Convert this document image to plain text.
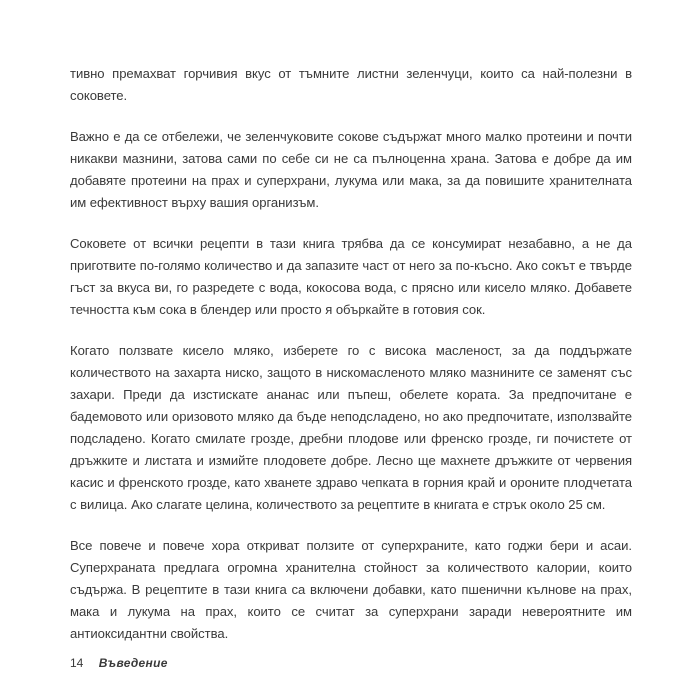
тивно премахват горчивия вкус от тъмните листни зеленчуци, които са най-полезни в соковете.

Важно е да се отбележи, че зеленчуковите сокове съдържат много малко протеини и почти никакви мазнини, затова сами по себе си не са пълноценна храна. Затова е добре да им добавяте протеини на прах и суперхрани, лукума или мака, за да повишите хранителната им ефективност върху вашия организъм.

Соковете от всички рецепти в тази книга трябва да се консумират незабавно, а не да приготвите по-голямо количество и да запазите част от него за по-късно. Ако сокът е твърде гъст за вкуса ви, го разредете с вода, кокосова вода, с прясно или кисело мляко. Добавете течността към сока в блендер или просто я объркайте в готовия сок.

Когато ползвате кисело мляко, изберете го с висока масленост, за да поддържате количеството на захарта ниско, защото в нискомасленото мляко мазнините се заменят със захари. Преди да изстискате ананас или пъпеш, обелете кората. За предпочитане е бадемовото или оризовото мляко да бъде неподсладено, но ако предпочитате, използвайте подсладено. Когато смилате грозде, дребни плодове или френско грозде, ги почистете от дръжките и листата и измийте плодовете добре. Лесно ще махнете дръжките от червения касис и френското грозде, като хванете здраво чепката в горния край и ороните плодчетата с вилица. Ако слагате целина, количеството за рецептите в книгата е стрък около 25 см.

Все повече и повече хора откриват ползите от суперхраните, като годжи бери и асаи. Суперхраната предлага огромна хранителна стойност за количеството калории, които съдържа. В рецептите в тази книга са включени добавки, като пшенични кълнове на прах, мака и лукума на прах, които се считат за суперхрани заради невероятните им антиоксидантни свойства.

14 Въведение
